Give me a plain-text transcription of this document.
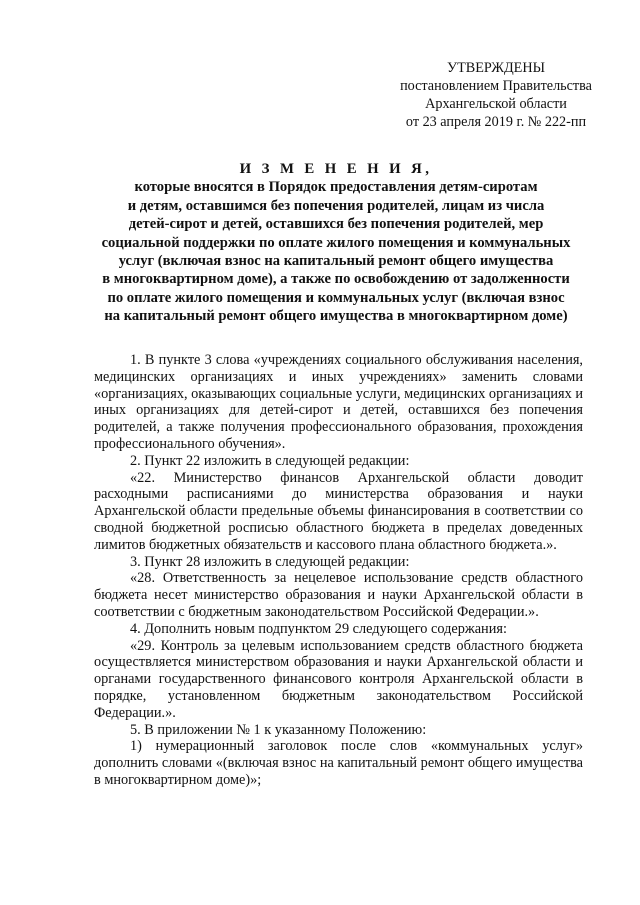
УТВЕРЖДЕНЫ
постановлением Правительства
Архангельской области
от 23 апреля 2019 г. № 222-пп
И З М Е Н Е Н И Я,
которые вносятся в Порядок предоставления детям-сиротам
и детям, оставшимся без попечения родителей, лицам из числа
детей-сирот и детей, оставшихся без попечения родителей, мер
социальной поддержки по оплате жилого помещения и коммунальных
услуг (включая взнос на капитальный ремонт общего имущества
в многоквартирном доме), а также по освобождению от задолженности
по оплате жилого помещения и коммунальных услуг (включая взнос
на капитальный ремонт общего имущества в многоквартирном доме)

1. В пункте 3 слова «учреждениях социального обслуживания населения, медицинских организациях и иных учреждениях» заменить словами «организациях, оказывающих социальные услуги, медицинских организациях и иных организациях для детей-сирот и детей, оставшихся без попечения родителей, а также получения профессионального образования, прохождения профессионального обучения».

2. Пункт 22 изложить в следующей редакции:

«22. Министерство финансов Архангельской области доводит расходными расписаниями до министерства образования и науки Архангельской области предельные объемы финансирования в соответствии со сводной бюджетной росписью областного бюджета в пределах доведенных лимитов бюджетных обязательств и кассового плана областного бюджета.».

3. Пункт 28 изложить в следующей редакции:

«28. Ответственность за нецелевое использование средств областного бюджета несет министерство образования и науки Архангельской области в соответствии с бюджетным законодательством Российской Федерации.».

4. Дополнить новым подпунктом 29 следующего содержания:

«29. Контроль за целевым использованием средств областного бюджета осуществляется министерством образования и науки Архангельской области и органами государственного финансового контроля Архангельской области в порядке, установленном бюджетным законодательством Российской Федерации.».

5. В приложении № 1 к указанному Положению:

1) нумерационный заголовок после слов «коммунальных услуг» дополнить словами «(включая взнос на капитальный ремонт общего имущества в многоквартирном доме)»;
